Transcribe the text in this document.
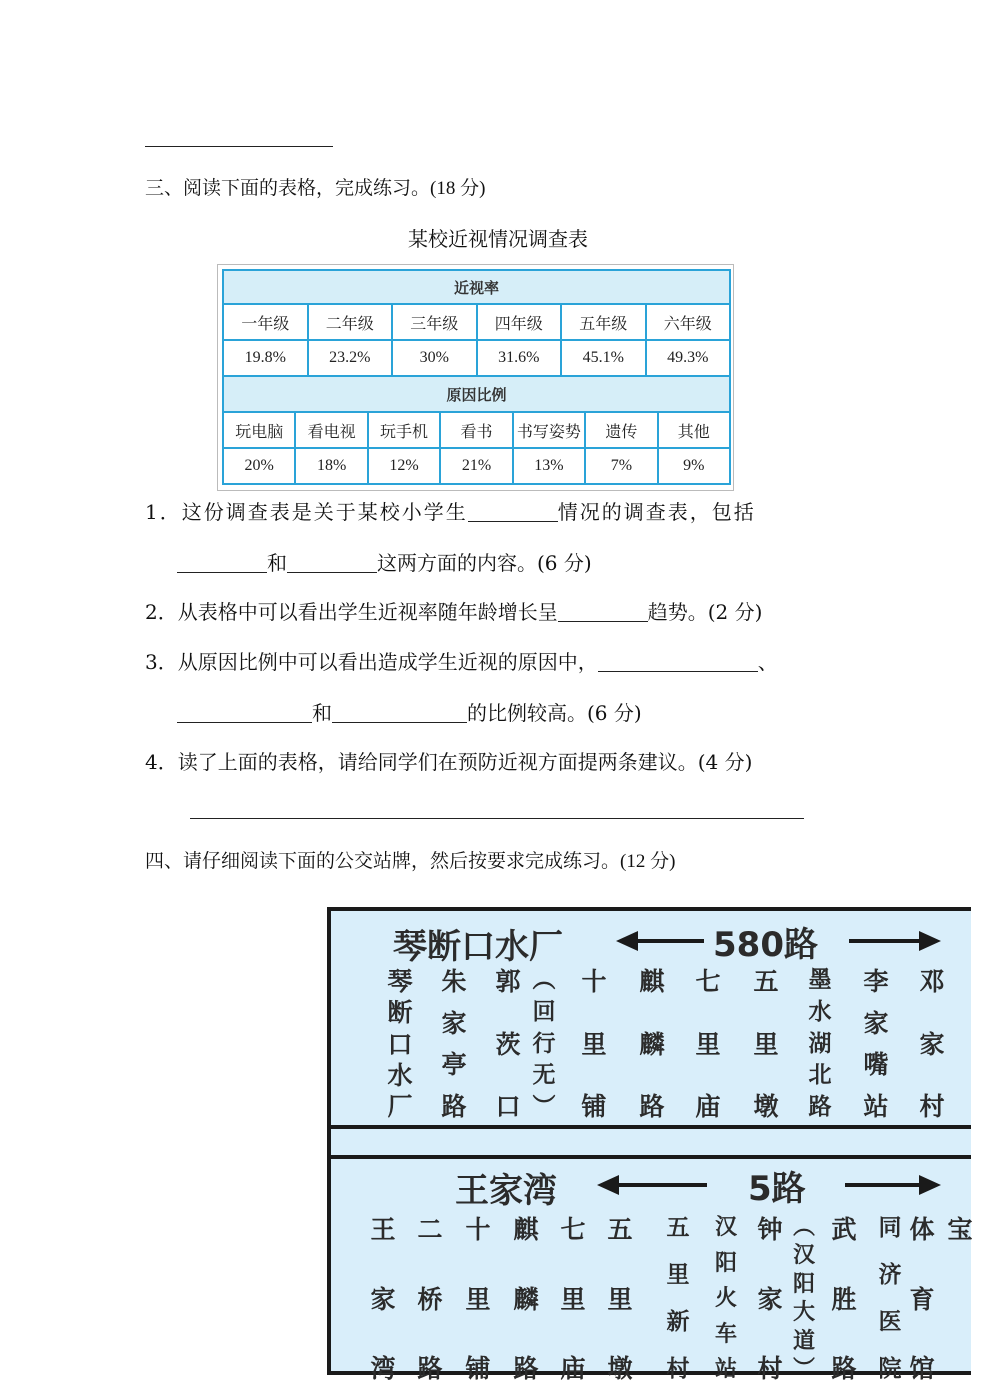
三、阅读下面的表格，完成练习。(18 分)
某校近视情况调查表
近视率
一年级	二年级	三年级	四年级	五年级	六年级
19.8%	23.2%	30%	31.6%	45.1%	49.3%
原因比例
玩电脑	看电视	玩手机	看书	书写姿势	遗传	其他
20%	18%	12%	21%	13%	7%	9%
1．这份调查表是关于某校小学生	情况的调查表，包括
和	这两方面的内容。(6 分)
2．从表格中可以看出学生近视率随年龄增长呈	趋势。(2 分)
3．从原因比例中可以看出造成学生近视的原因中，	、
和	的比例较高。(6 分)
4．读了上面的表格，请给同学们在预防近视方面提两条建议。(4 分)
四、请仔细阅读下面的公交站牌，然后按要求完成练习。(12 分)
琴断口水厂	580路
琴
断
口
水
厂
朱
家
亭
路
郭
茨
口
︵
回
行
无
︶
十
里
铺
麒
麟
路
七
里
庙
五
里
墩
墨
水
湖
北
路
李
家
嘴
站
邓
家
村
王家湾	5路
王
家
湾
二
桥
路
十
里
铺
麒
麟
路
七
里
庙
五
里
墩
五
里
新
村
汉
阳
火
车
站
钟
家
村
︵
汉
阳
大
道
︶
武
胜
路
同
济
医
院
体
育
馆
宝
